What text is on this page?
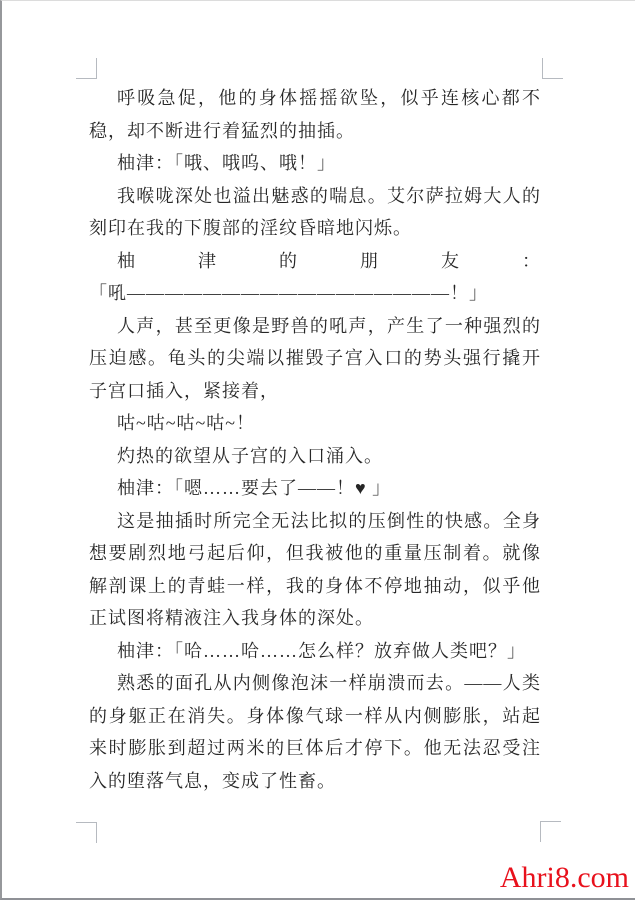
呼吸急促，他的身体摇摇欲坠，似乎连核心都不稳，却不断进行着猛烈的抽插。

柚津：「哦、哦呜、哦！」

我喉咙深处也溢出魅惑的喘息。艾尔萨拉姆大人的刻印在我的下腹部的淫纹昏暗地闪烁。

柚津的朋友：

「吼—————————————————！」

人声，甚至更像是野兽的吼声，产生了一种强烈的压迫感。龟头的尖端以摧毁子宫入口的势头强行撬开子宫口插入，紧接着，

咕~咕~咕~咕~！

灼热的欲望从子宫的入口涌入。

柚津：「嗯……要去了——！♥ 」

这是抽插时所完全无法比拟的压倒性的快感。全身想要剧烈地弓起后仰，但我被他的重量压制着。就像解剖课上的青蛙一样，我的身体不停地抽动，似乎他正试图将精液注入我身体的深处。

柚津：「哈……哈……怎么样？放弃做人类吧？」

熟悉的面孔从内侧像泡沫一样崩溃而去。——人类的身躯正在消失。身体像气球一样从内侧膨胀，站起来时膨胀到超过两米的巨体后才停下。他无法忍受注入的堕落气息，变成了性畜。

Ahri8.com
